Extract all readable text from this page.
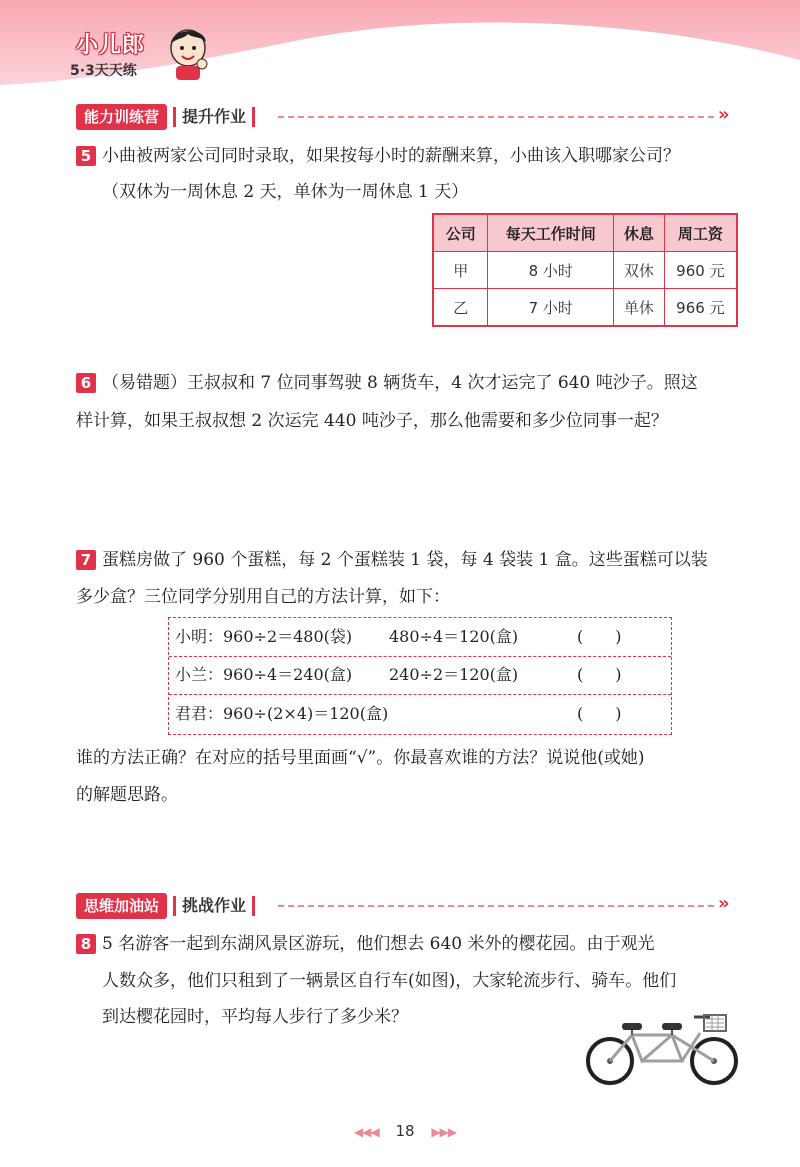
小儿郎
5·3天天练
能力训练营	提升作业	»
5 小曲被两家公司同时录取，如果按每小时的薪酬来算，小曲该入职哪家公司？
（双休为一周休息 2 天，单休为一周休息 1 天）
公司	每天工作时间	休息	周工资
甲	8 小时	双休	960 元
乙	7 小时	单休	966 元
6 （易错题）王叔叔和 7 位同事驾驶 8 辆货车，4 次才运完了 640 吨沙子。照这
样计算，如果王叔叔想 2 次运完 440 吨沙子，那么他需要和多少位同事一起？
7 蛋糕房做了 960 个蛋糕，每 2 个蛋糕装 1 袋，每 4 袋装 1 盒。这些蛋糕可以装
多少盒？三位同学分别用自己的方法计算，如下：
小明：960÷2＝480(袋) 480÷4＝120(盒)	(　　)
小兰：960÷4＝240(盒) 240÷2＝120(盒)	(　　)
君君：960÷(2×4)＝120(盒)	(　　)
谁的方法正确？在对应的括号里面画“√”。你最喜欢谁的方法？说说他(或她)
的解题思路。
思维加油站	挑战作业	»
8 5 名游客一起到东湖风景区游玩，他们想去 640 米外的樱花园。由于观光
人数众多，他们只租到了一辆景区自行车(如图)，大家轮流步行、骑车。他们
到达樱花园时，平均每人步行了多少米？
◀◀◀ 18 ▶▶▶
